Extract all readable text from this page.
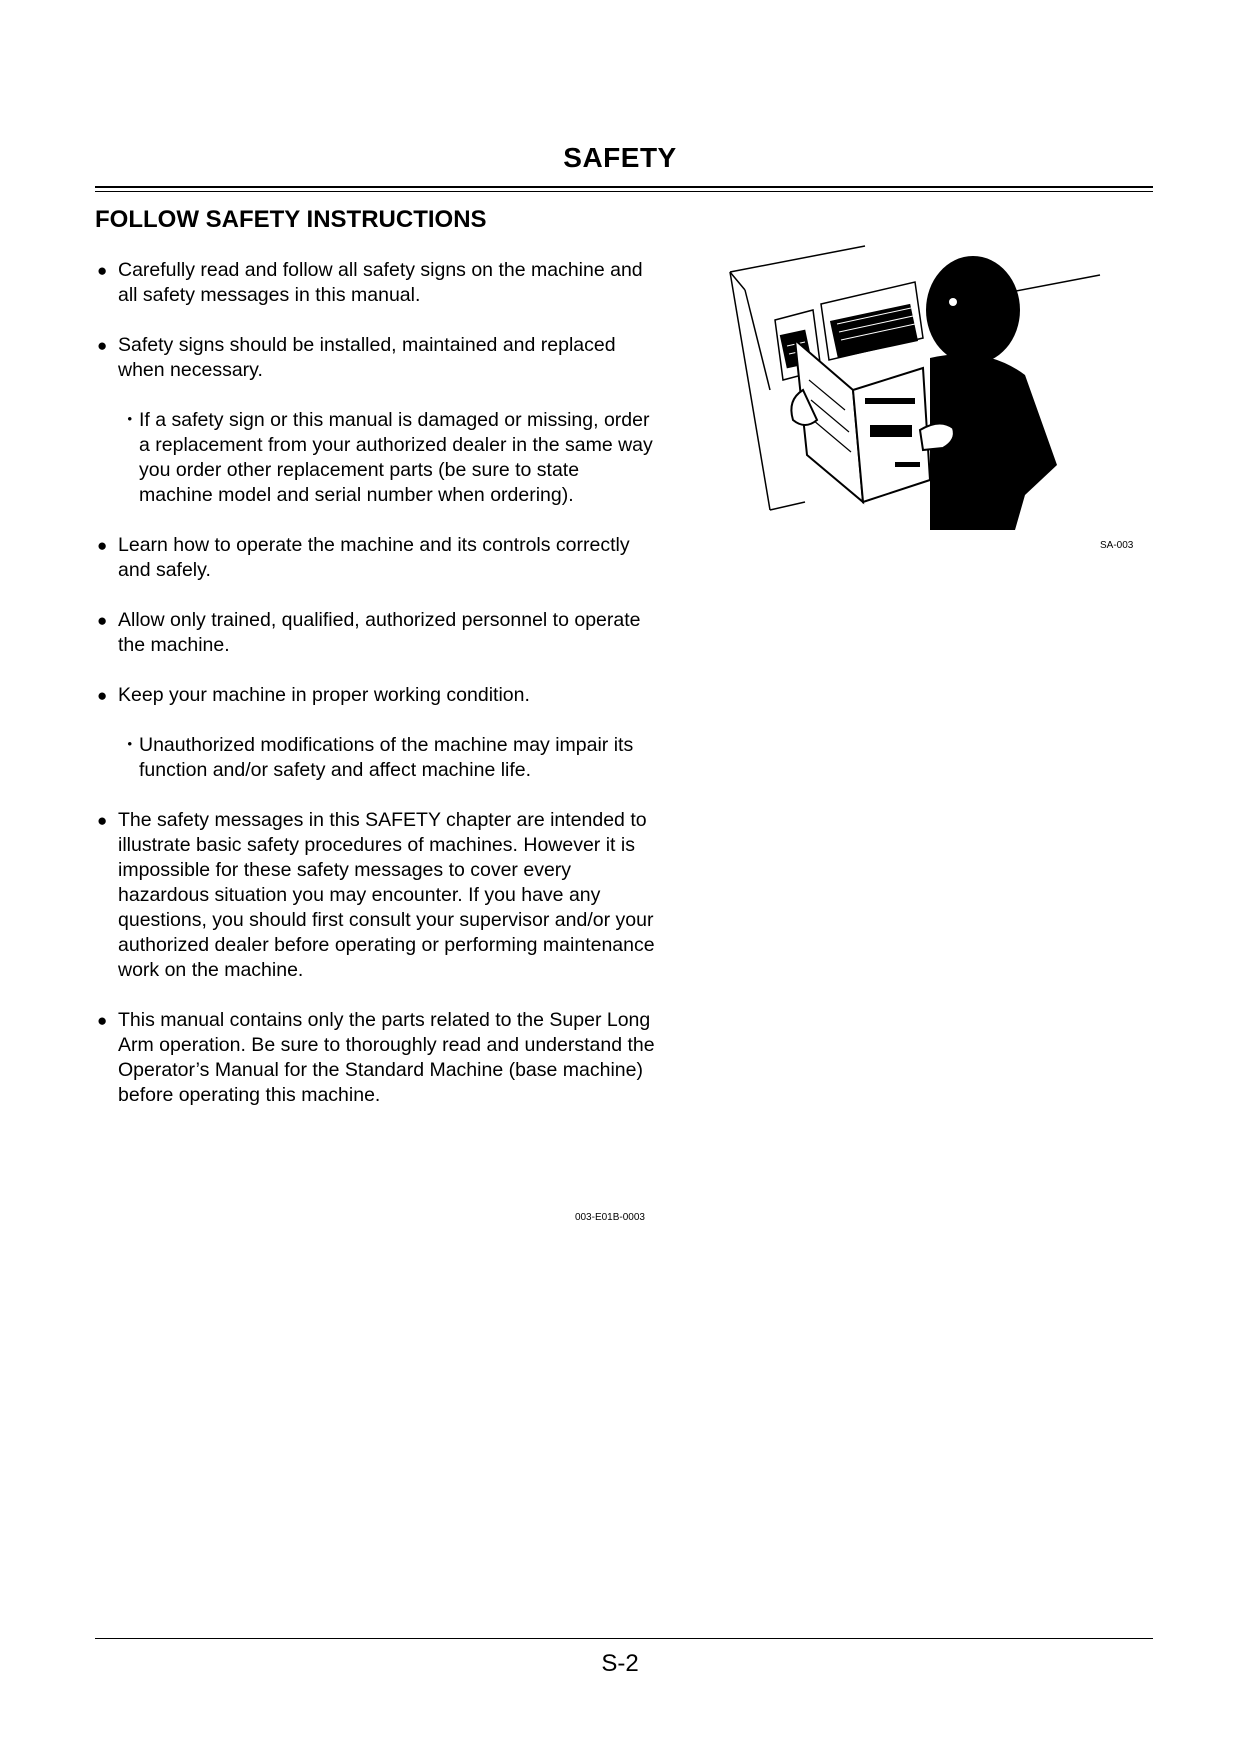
SAFETY
FOLLOW SAFETY INSTRUCTIONS
● Carefully read and follow all safety signs on the machine and all safety messages in this manual.
● Safety signs should be installed, maintained and replaced when necessary.
・ If a safety sign or this manual is damaged or missing, order a replacement from your authorized dealer in the same way you order other replacement parts (be sure to state machine model and serial number when ordering).
● Learn how to operate the machine and its controls correctly and safely.
● Allow only trained, qualified, authorized personnel to operate the machine.
● Keep your machine in proper working condition.
・ Unauthorized modifications of the machine may impair its function and/or safety and affect machine life.
● The safety messages in this SAFETY chapter are intended to illustrate basic safety procedures of machines. However it is impossible for these safety messages to cover every hazardous situation you may encounter. If you have any questions, you should first consult your supervisor and/or your authorized dealer before operating or performing maintenance work on the machine.
● This manual contains only the parts related to the Super Long Arm operation. Be sure to thoroughly read and understand the Operator’s Manual for the Standard Machine (base machine) before operating this machine.
003-E01B-0003
SA-003
S-2
